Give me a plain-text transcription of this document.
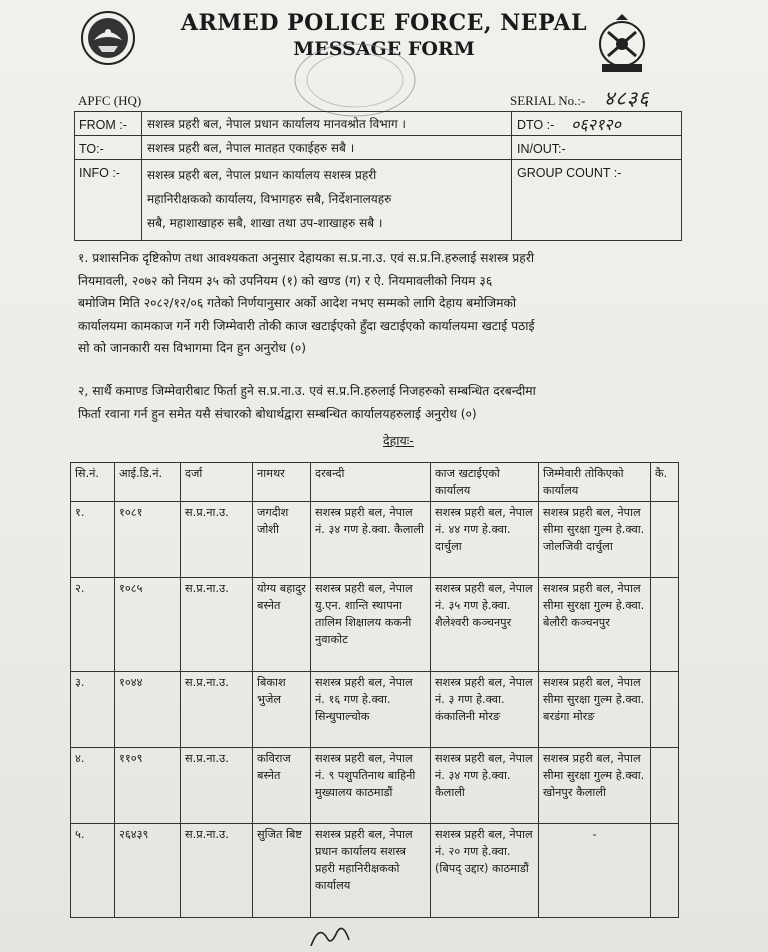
ARMED POLICE FORCE, NEPAL
MESSAGE FORM
APFC (HQ)	SERIAL No.:- ४८३६
FROM :-	सशस्त्र प्रहरी बल, नेपाल प्रधान कार्यालय मानवश्रोत विभाग ।	DTO :-	०६२१२०
TO:-	सशस्त्र प्रहरी बल, नेपाल मातहत एकाईहरु सबै ।	IN/OUT:-
INFO :-	सशस्त्र प्रहरी बल, नेपाल प्रधान कार्यालय सशस्त्र प्रहरी
महानिरीक्षकको कार्यालय, विभागहरु सबै, निर्देशनालयहरु
सबै, महाशाखाहरु सबै, शाखा तथा उप-शाखाहरु सबै ।
GROUP COUNT :-
१. प्रशासनिक दृष्टिकोण तथा आवश्यकता अनुसार देहायका स.प्र.ना.उ. एवं स.प्र.नि.हरुलाई सशस्त्र प्रहरी
नियमावली, २०७२ को नियम ३५ को उपनियम (१) को खण्ड (ग) र ऐ. नियमावलीको नियम ३६
बमोजिम मिति २०८२/१२/०६ गतेको निर्णयानुसार अर्को आदेश नभए सम्मको लागि देहाय बमोजिमको
कार्यालयमा कामकाज गर्ने गरी जिम्मेवारी तोकी काज खटाईएको हुँदा खटाईएको कार्यालयमा खटाई पठाई
सो को जानकारी यस विभागमा दिन हुन अनुरोध (०)
२, सार्थै कमाण्ड जिम्मेवारीबाट फिर्ता हुने स.प्र.ना.उ. एवं स.प्र.नि.हरुलाई निजहरुको सम्बन्धित दरबन्दीमा
फिर्ता रवाना गर्न हुन समेत यसै संचारको बोधार्थद्वारा सम्बन्धित कार्यालयहरुलाई अनुरोध (०)
देहायः-
सि.नं.	आई.डि.नं.	दर्जा	नामथर	दरबन्दी	काज खटाईएको कार्यालय	जिम्मेवारी तोकिएको कार्यालय	कै.
१.	१०८१	स.प्र.ना.उ.	जगदीश जोशी	सशस्त्र प्रहरी बल, नेपाल नं. ३४ गण हे.क्वा. कैलाली	सशस्त्र प्रहरी बल, नेपाल नं. ४४ गण हे.क्वा. दार्चुला	सशस्त्र प्रहरी बल, नेपाल सीमा सुरक्षा गुल्म हे.क्वा. जोलजिवी दार्चुला	
२.	१०८५	स.प्र.ना.उ.	योग्य बहादुर बस्नेत	सशस्त्र प्रहरी बल, नेपाल यु.एन. शान्ति स्थापना तालिम शिक्षालय ककनी नुवाकोट	सशस्त्र प्रहरी बल, नेपाल नं. ३५ गण हे.क्वा. शैलेश्वरी कञ्चनपुर	सशस्त्र प्रहरी बल, नेपाल सीमा सुरक्षा गुल्म हे.क्वा. बेलौरी कञ्चनपुर	
३.	१०४४	स.प्र.ना.उ.	बिकाश भुजेल	सशस्त्र प्रहरी बल, नेपाल नं. १६ गण हे.क्वा. सिन्धुपाल्चोक	सशस्त्र प्रहरी बल, नेपाल नं. ३ गण हे.क्वा. कंकालिनी मोरङ	सशस्त्र प्रहरी बल, नेपाल सीमा सुरक्षा गुल्म हे.क्वा. बरडंगा मोरङ	
४.	११०९	स.प्र.ना.उ.	कविराज बस्नेत	सशस्त्र प्रहरी बल, नेपाल नं. ९ पशुपतिनाथ बाहिनी मुख्यालय काठमाडौं	सशस्त्र प्रहरी बल, नेपाल नं. ३४ गण हे.क्वा. कैलाली	सशस्त्र प्रहरी बल, नेपाल सीमा सुरक्षा गुल्म हे.क्वा. खोनपुर कैलाली	
५.	२६४३९	स.प्र.ना.उ.	सुजित बिष्ट	सशस्त्र प्रहरी बल, नेपाल प्रधान कार्यालय सशस्त्र प्रहरी महानिरीक्षकको कार्यालय	सशस्त्र प्रहरी बल, नेपाल नं. २० गण हे.क्वा. (बिपद् उद्दार) काठमाडौं	-	
